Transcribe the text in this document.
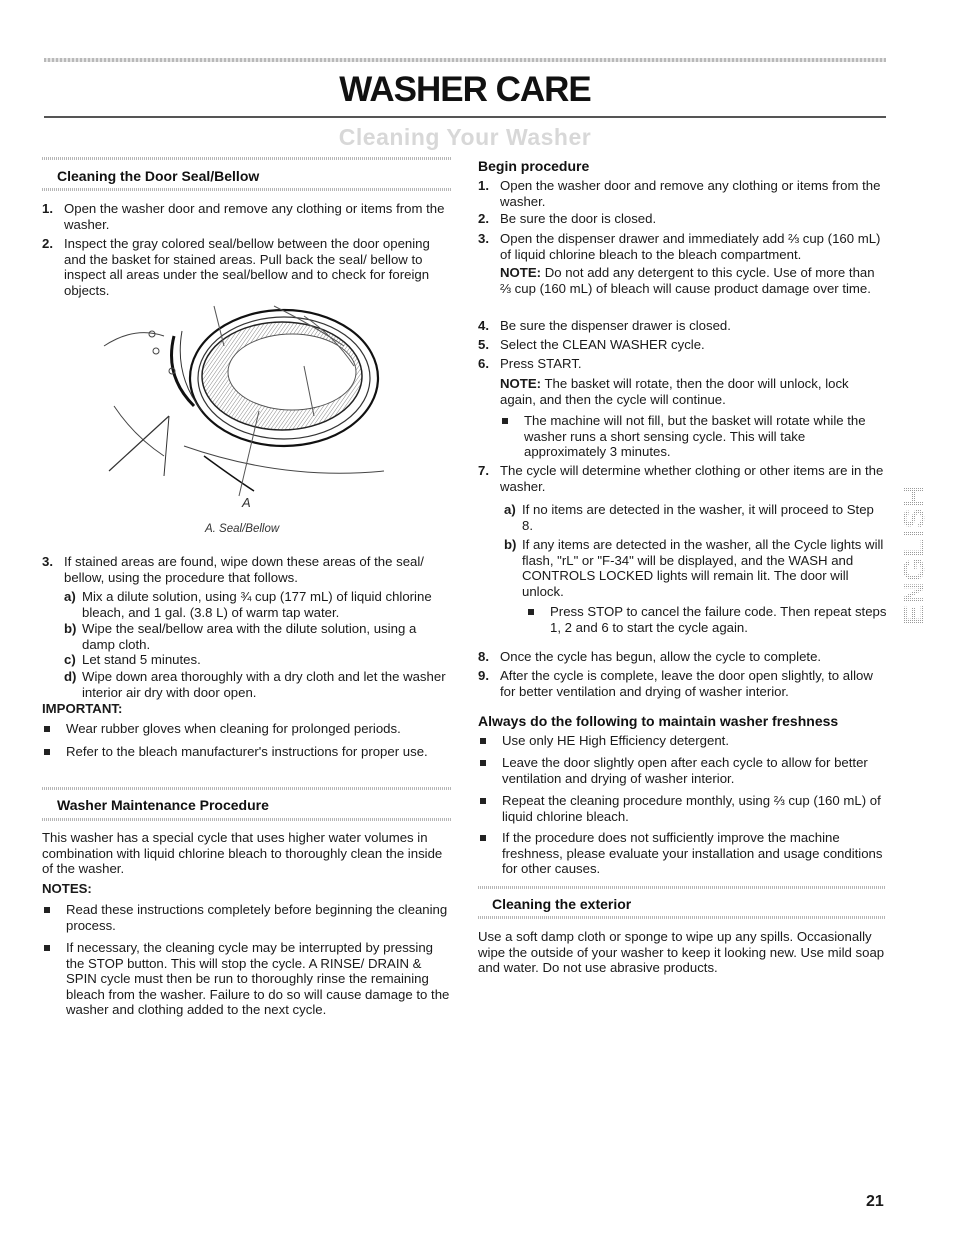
WASHER CARE
Cleaning Your Washer
Cleaning the Door Seal/Bellow
1. Open the washer door and remove any clothing or items from the washer.
2. Inspect the gray colored seal/bellow between the door opening and the basket for stained areas. Pull back the seal/ bellow to inspect all areas under the seal/bellow and to check for foreign objects.
A
A. Seal/Bellow
3. If stained areas are found, wipe down these areas of the seal/ bellow, using the procedure that follows.
a) Mix a dilute solution, using ¾ cup (177 mL) of liquid chlorine bleach, and 1 gal. (3.8 L) of warm tap water.
b) Wipe the seal/bellow area with the dilute solution, using a damp cloth.
c) Let stand 5 minutes.
d) Wipe down area thoroughly with a dry cloth and let the washer interior air dry with door open.
IMPORTANT:
Wear rubber gloves when cleaning for prolonged periods.
Refer to the bleach manufacturer's instructions for proper use.
Washer Maintenance Procedure
This washer has a special cycle that uses higher water volumes in combination with liquid chlorine bleach to thoroughly clean the inside of the washer.
NOTES:
Read these instructions completely before beginning the cleaning process.
If necessary, the cleaning cycle may be interrupted by pressing the STOP button. This will stop the cycle. A RINSE/ DRAIN & SPIN cycle must then be run to thoroughly rinse the remaining bleach from the washer. Failure to do so will cause damage to the washer and clothing added to the next cycle.
Begin procedure
1. Open the washer door and remove any clothing or items from the washer.
2. Be sure the door is closed.
3. Open the dispenser drawer and immediately add ⅔ cup (160 mL) of liquid chlorine bleach to the bleach compartment.
NOTE: Do not add any detergent to this cycle. Use of more than ⅔ cup (160 mL) of bleach will cause product damage over time.
4. Be sure the dispenser drawer is closed.
5. Select the CLEAN WASHER cycle.
6. Press START.
NOTE: The basket will rotate, then the door will unlock, lock again, and then the cycle will continue.
The machine will not fill, but the basket will rotate while the washer runs a short sensing cycle. This will take approximately 3 minutes.
7. The cycle will determine whether clothing or other items are in the washer.
a) If no items are detected in the washer, it will proceed to Step 8.
b) If any items are detected in the washer, all the Cycle lights will flash, "rL" or "F-34" will be displayed, and the WASH and CONTROLS LOCKED lights will remain lit. The door will unlock.
Press STOP to cancel the failure code. Then repeat steps 1, 2 and 6 to start the cycle again.
8. Once the cycle has begun, allow the cycle to complete.
9. After the cycle is complete, leave the door open slightly, to allow for better ventilation and drying of washer interior.
Always do the following to maintain washer freshness
Use only HE High Efficiency detergent.
Leave the door slightly open after each cycle to allow for better ventilation and drying of washer interior.
Repeat the cleaning procedure monthly, using ⅔ cup (160 mL) of liquid chlorine bleach.
If the procedure does not sufficiently improve the machine freshness, please evaluate your installation and usage conditions for other causes.
Cleaning the exterior
Use a soft damp cloth or sponge to wipe up any spills. Occasionally wipe the outside of your washer to keep it looking new. Use mild soap and water. Do not use abrasive products.
ENGLISH
21
